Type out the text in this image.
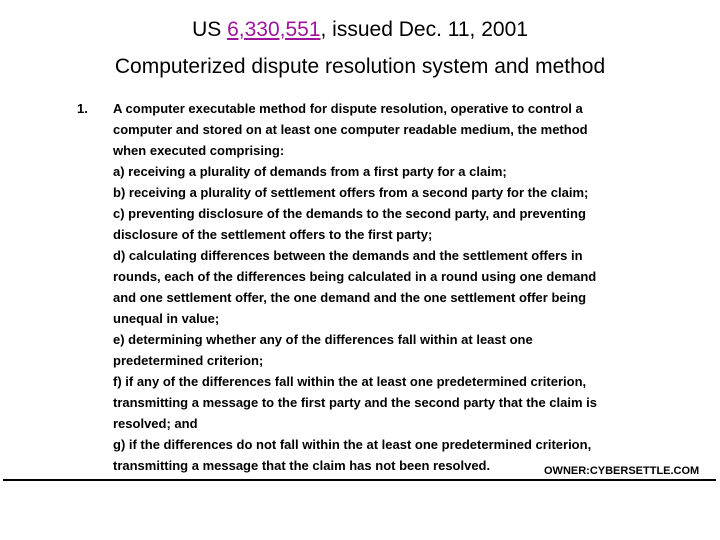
US 6,330,551, issued Dec. 11, 2001
Computerized dispute resolution system and method
1. A computer executable method for dispute resolution, operative to control a
computer and stored on at least one computer readable medium, the method
when executed comprising:
a) receiving a plurality of demands from a first party for a claim;
b) receiving a plurality of settlement offers from a second party for the claim;
c) preventing disclosure of the demands to the second party, and preventing
disclosure of the settlement offers to the first party;
d) calculating differences between the demands and the settlement offers in
rounds, each of the differences being calculated in a round using one demand
and one settlement offer, the one demand and the one settlement offer being
unequal in value;
e) determining whether any of the differences fall within at least one
predetermined criterion;
f) if any of the differences fall within the at least one predetermined criterion,
transmitting a message to the first party and the second party that the claim is
resolved; and
g) if the differences do not fall within the at least one predetermined criterion,
transmitting a message that the claim has not been resolved.	OWNER:CYBERSETTLE.COM
